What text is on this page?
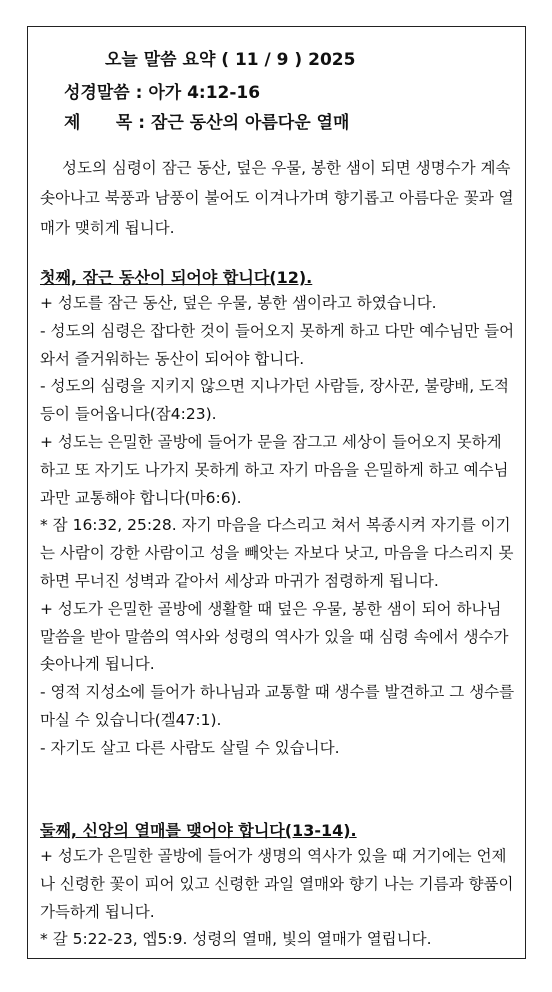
오늘 말씀 요약 ( 11 / 9 ) 2025
성경말씀 : 아가 4:12-16
제      목 : 잠근 동산의 아름다운 열매

성도의 심령이 잠근 동산, 덮은 우물, 봉한 샘이 되면 생명수가 계속 솟아나고 북풍과 남풍이 불어도 이겨나가며 향기롭고 아름다운 꽃과 열매가 맺히게 됩니다.

첫째, 잠근 동산이 되어야 합니다(12).

+ 성도를 잠근 동산, 덮은 우물, 봉한 샘이라고 하였습니다.

- 성도의 심령은 잡다한 것이 들어오지 못하게 하고 다만 예수님만 들어와서 즐거워하는 동산이 되어야 합니다.

- 성도의 심령을 지키지 않으면 지나가던 사람들, 장사꾼, 불량배, 도적 등이 들어옵니다(잠4:23).

+ 성도는 은밀한 골방에 들어가 문을 잠그고 세상이 들어오지 못하게 하고 또 자기도 나가지 못하게 하고 자기 마음을 은밀하게 하고 예수님과만 교통해야 합니다(마6:6).

* 잠 16:32, 25:28. 자기 마음을 다스리고 쳐서 복종시켜 자기를 이기는 사람이 강한 사람이고 성을 빼앗는 자보다 낫고, 마음을 다스리지 못하면 무너진 성벽과 같아서 세상과 마귀가 점령하게 됩니다.

+ 성도가 은밀한 골방에 생활할 때 덮은 우물, 봉한 샘이 되어 하나님 말씀을 받아 말씀의 역사와 성령의 역사가 있을 때 심령 속에서 생수가 솟아나게 됩니다.

- 영적 지성소에 들어가 하나님과 교통할 때 생수를 발견하고 그 생수를 마실 수 있습니다(겔47:1).

- 자기도 살고 다른 사람도 살릴 수 있습니다.

둘째, 신앙의 열매를 맺어야 합니다(13-14).

+ 성도가 은밀한 골방에 들어가 생명의 역사가 있을 때 거기에는 언제나 신령한 꽃이 피어 있고 신령한 과일 열매와 향기 나는 기름과 향품이 가득하게 됩니다.

* 갈 5:22-23, 엡5:9. 성령의 열매, 빛의 열매가 열립니다.
